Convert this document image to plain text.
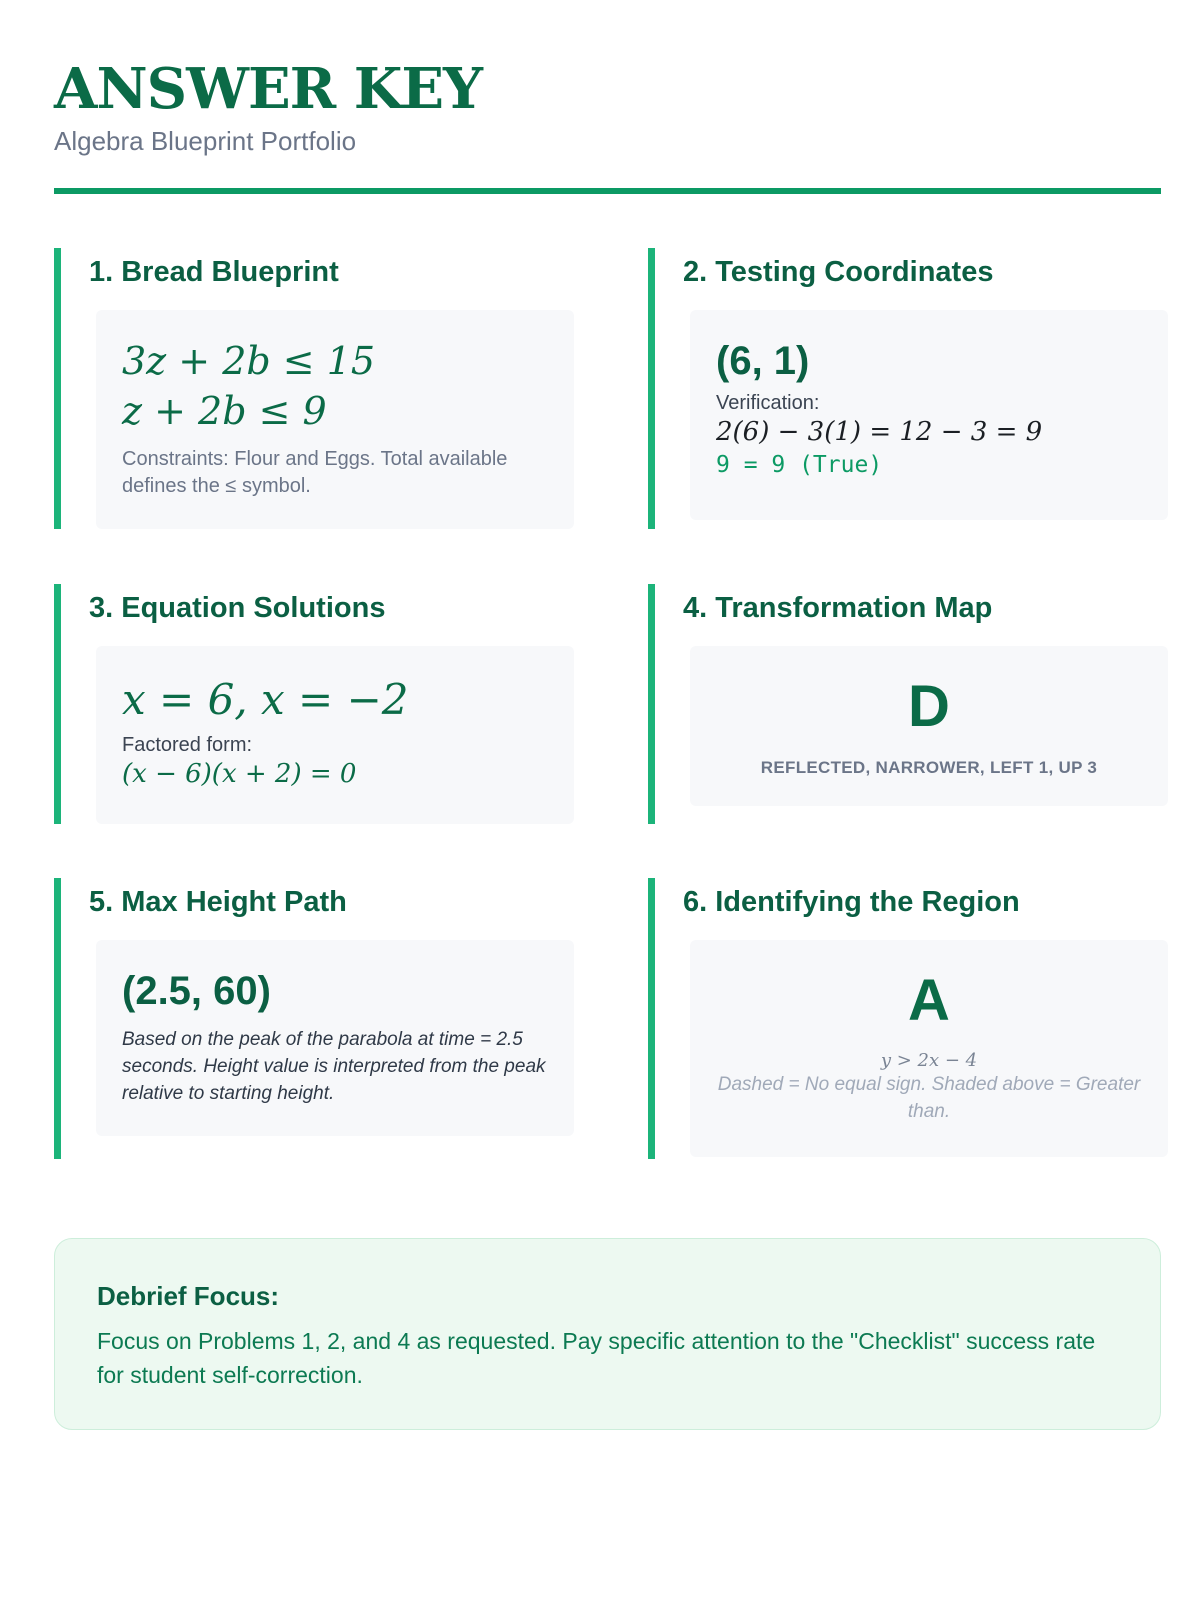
ANSWER KEY
Algebra Blueprint Portfolio
1. Bread Blueprint
3z + 2b ≤ 15
z + 2b ≤ 9
Constraints: Flour and Eggs. Total available defines the ≤ symbol.
2. Testing Coordinates
(6, 1)
Verification:
2(6) − 3(1) = 12 − 3 = 9
9 = 9 (True)
3. Equation Solutions
x = 6, x = −2
Factored form:
(x − 6)(x + 2) = 0
4. Transformation Map
D
REFLECTED, NARROWER, LEFT 1, UP 3
5. Max Height Path
(2.5, 60)
Based on the peak of the parabola at time = 2.5 seconds. Height value is interpreted from the peak relative to starting height.
6. Identifying the Region
A
y > 2x − 4
Dashed = No equal sign. Shaded above = Greater than.
Debrief Focus:
Focus on Problems 1, 2, and 4 as requested. Pay specific attention to the "Checklist" success rate for student self-correction.
